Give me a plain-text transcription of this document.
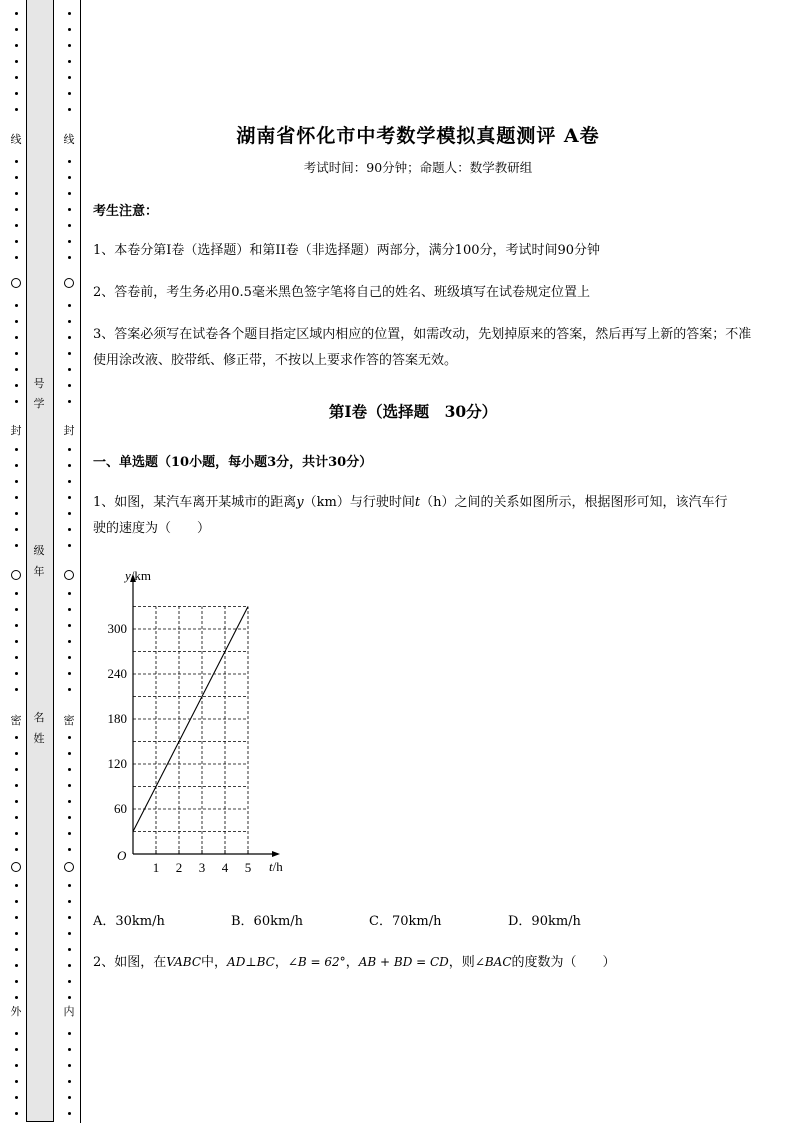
线
封
密
外
线
封
密
内
号
学
级
年
名
姓
湖南省怀化市中考数学模拟真题测评 A卷
考试时间：90分钟；命题人：数学教研组
考生注意：
1、本卷分第I卷（选择题）和第II卷（非选择题）两部分，满分100分，考试时间90分钟
2、答卷前，考生务必用0.5毫米黑色签字笔将自己的姓名、班级填写在试卷规定位置上
3、答案必须写在试卷各个题目指定区域内相应的位置，如需改动，先划掉原来的答案，然后再写上新的答案；不准使用涂改液、胶带纸、修正带，不按以上要求作答的答案无效。
第I卷（选择题　30分）
一、单选题（10小题，每小题3分，共计30分）
1、如图，某汽车离开某城市的距离y（km）与行驶时间t（h）之间的关系如图所示，根据图形可知，该汽车行驶的速度为（　　）
1 2 3 4 5
60
120
180
240
300
O
y/km
t/h
A．30km/h	B．60km/h	C．70km/h	D．90km/h
2、如图，在VABC中，AD⊥BC，∠B = 62°，AB + BD = CD，则∠BAC的度数为（　　）
